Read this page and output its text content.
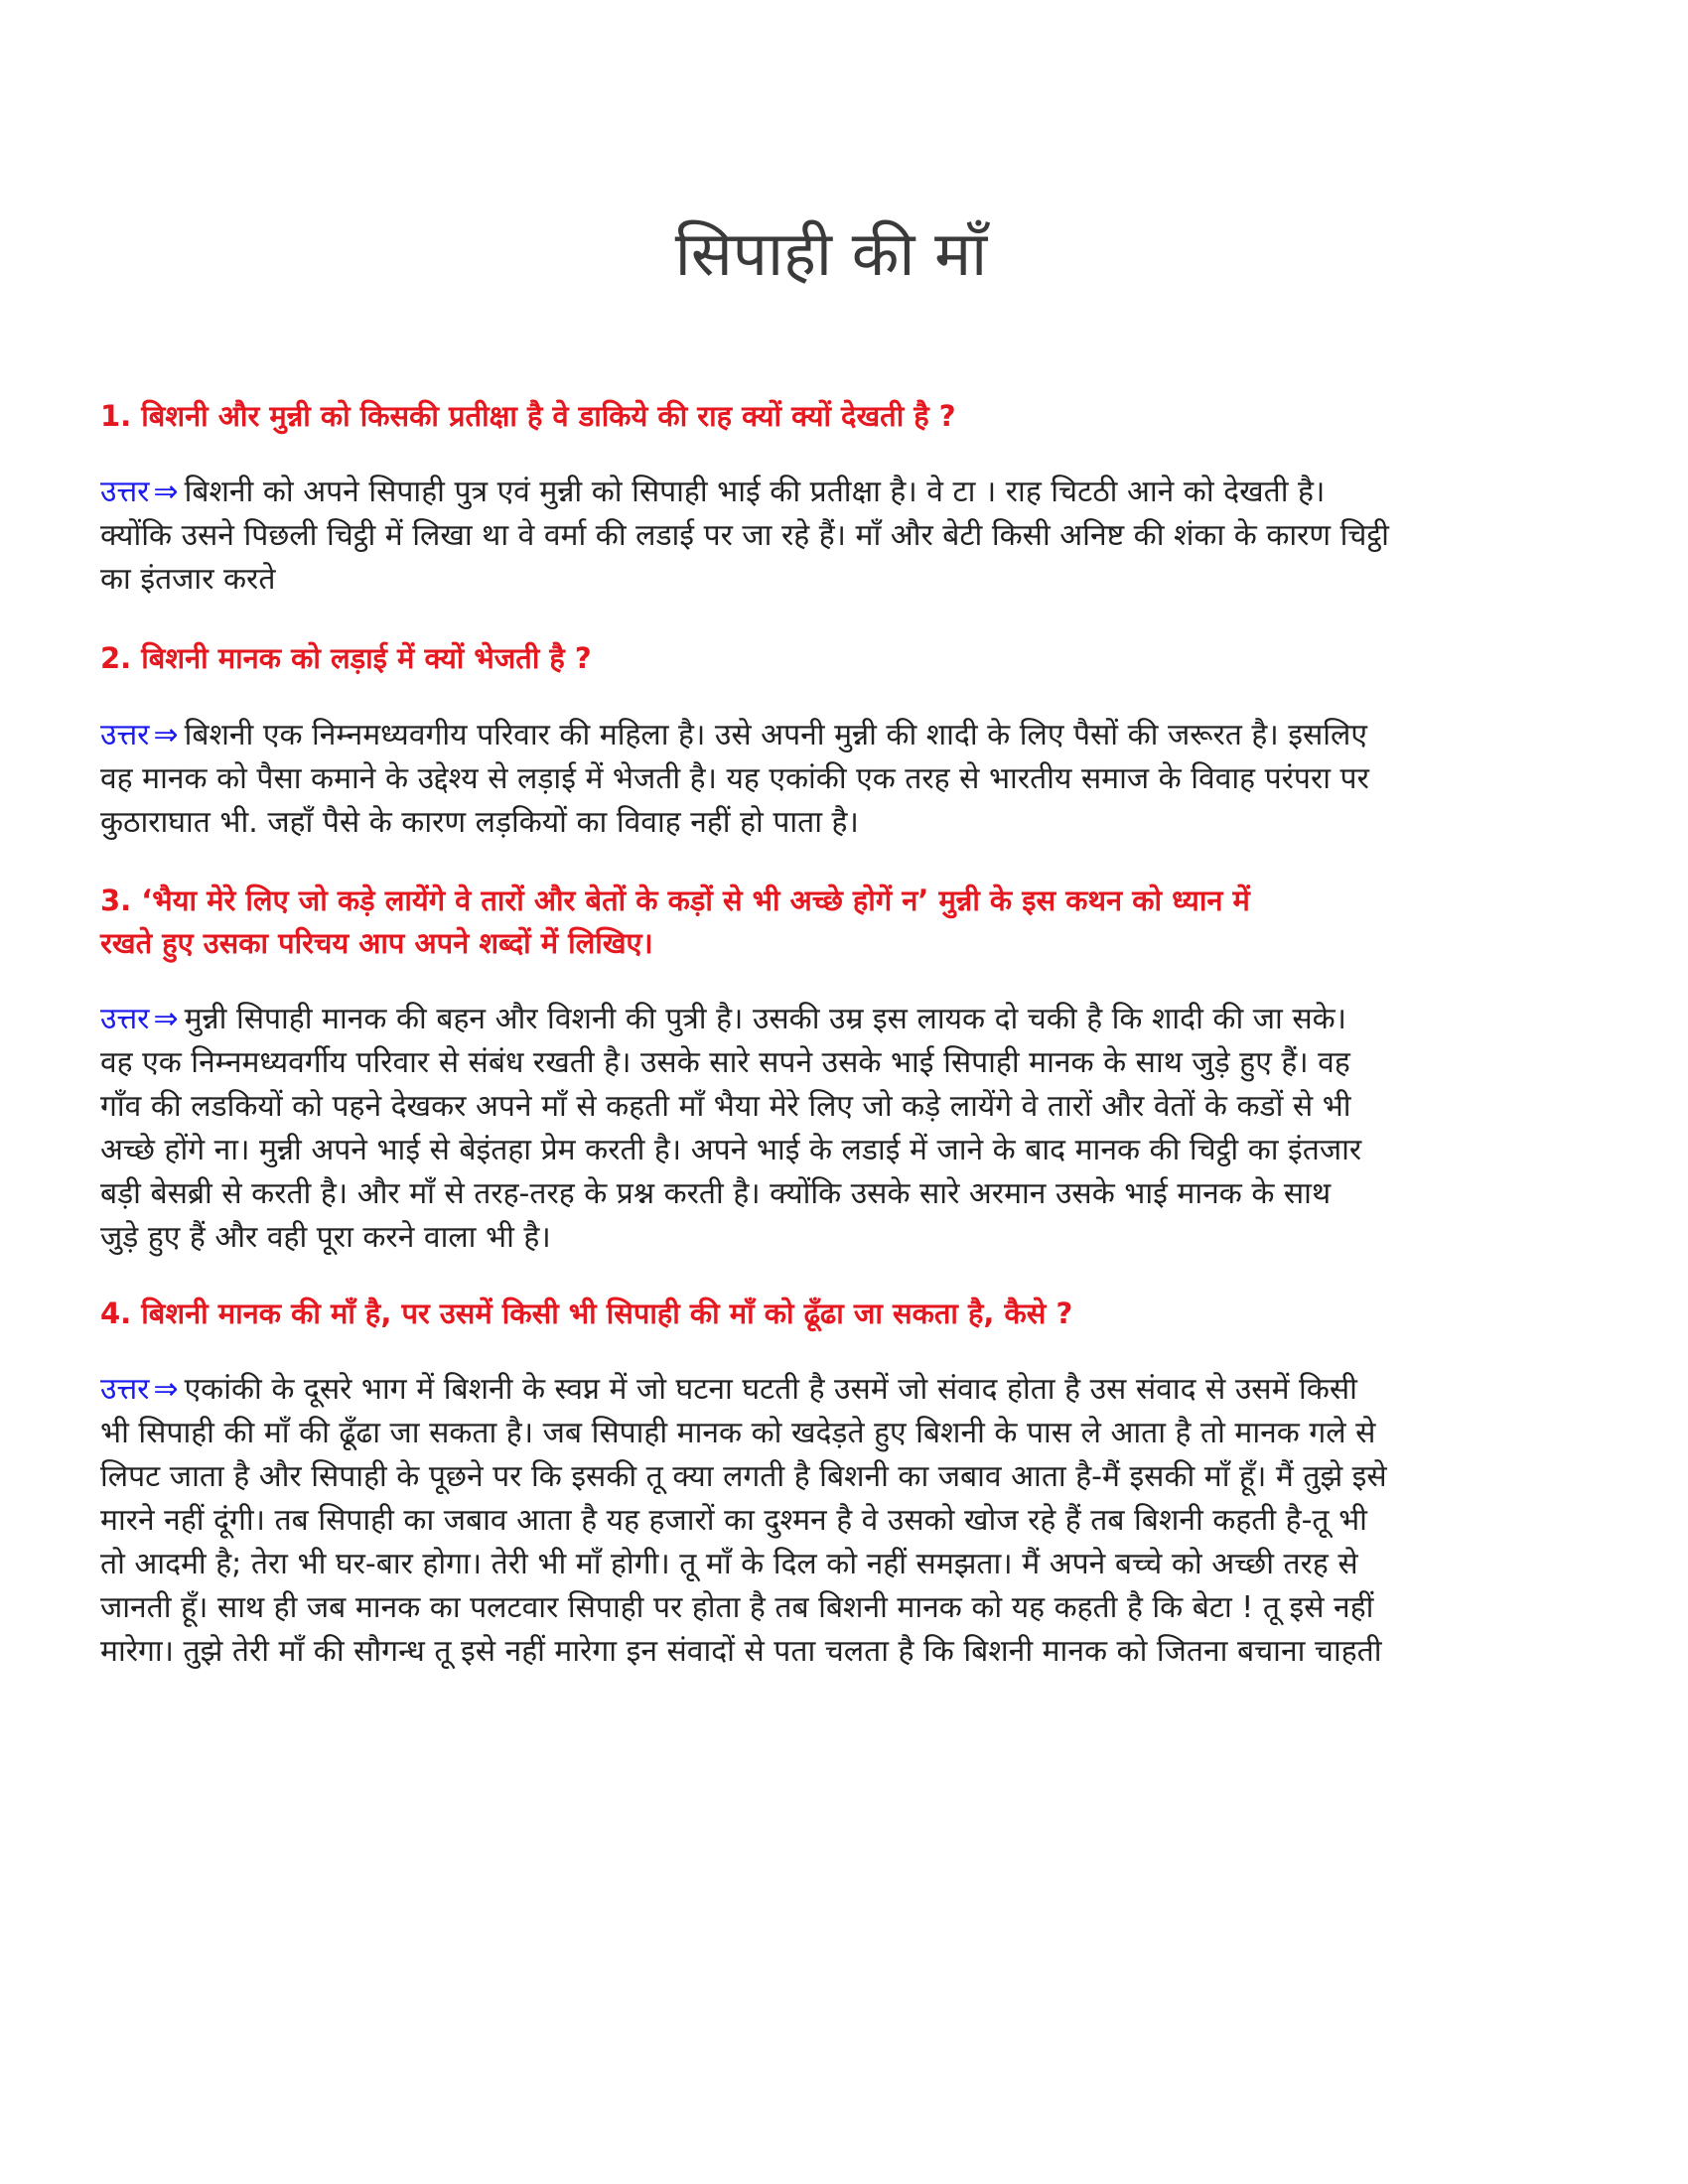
सिपाही की माँ
1. बिशनी और मुन्नी को किसकी प्रतीक्षा है वे डाकिये की राह क्यों क्यों देखती है ?
उत्तर ⇒ बिशनी को अपने सिपाही पुत्र एवं मुन्नी को सिपाही भाई की प्रतीक्षा है। वे टा । राह चिटठी आने को देखती है।
क्योंकि उसने पिछली चिट्ठी में लिखा था वे वर्मा की लडाई पर जा रहे हैं। माँ और बेटी किसी अनिष्ट की शंका के कारण चिट्ठी
का इंतजार करते
2. बिशनी मानक को लड़ाई में क्यों भेजती है ?
उत्तर ⇒ बिशनी एक निम्नमध्यवगीय परिवार की महिला है। उसे अपनी मुन्नी की शादी के लिए पैसों की जरूरत है। इसलिए
वह मानक को पैसा कमाने के उद्देश्य से लड़ाई में भेजती है। यह एकांकी एक तरह से भारतीय समाज के विवाह परंपरा पर
कुठाराघात भी. जहाँ पैसे के कारण लड़कियों का विवाह नहीं हो पाता है।
3. ‘भैया मेरे लिए जो कड़े लायेंगे वे तारों और बेतों के कड़ों से भी अच्छे होगें न’ मुन्नी के इस कथन को ध्यान में
रखते हुए उसका परिचय आप अपने शब्दों में लिखिए।
उत्तर ⇒ मुन्नी सिपाही मानक की बहन और विशनी की पुत्री है। उसकी उम्र इस लायक दो चकी है कि शादी की जा सके।
वह एक निम्नमध्यवर्गीय परिवार से संबंध रखती है। उसके सारे सपने उसके भाई सिपाही मानक के साथ जुड़े हुए हैं। वह
गाँव की लडकियों को पहने देखकर अपने माँ से कहती माँ भैया मेरे लिए जो कड़े लायेंगे वे तारों और वेतों के कडों से भी
अच्छे होंगे ना। मुन्नी अपने भाई से बेइंतहा प्रेम करती है। अपने भाई के लडाई में जाने के बाद मानक की चिट्ठी का इंतजार
बड़ी बेसब्री से करती है। और माँ से तरह-तरह के प्रश्न करती है। क्योंकि उसके सारे अरमान उसके भाई मानक के साथ
जुड़े हुए हैं और वही पूरा करने वाला भी है।
4. बिशनी मानक की माँ है, पर उसमें किसी भी सिपाही की माँ को ढूँढा जा सकता है, कैसे ?
उत्तर ⇒ एकांकी के दूसरे भाग में बिशनी के स्वप्न में जो घटना घटती है उसमें जो संवाद होता है उस संवाद से उसमें किसी
भी सिपाही की माँ की ढूँढा जा सकता है। जब सिपाही मानक को खदेड़ते हुए बिशनी के पास ले आता है तो मानक गले से
लिपट जाता है और सिपाही के पूछने पर कि इसकी तू क्या लगती है बिशनी का जबाव आता है-मैं इसकी माँ हूँ। मैं तुझे इसे
मारने नहीं दूंगी। तब सिपाही का जबाव आता है यह हजारों का दुश्मन है वे उसको खोज रहे हैं तब बिशनी कहती है-तू भी
तो आदमी है; तेरा भी घर-बार होगा। तेरी भी माँ होगी। तू माँ के दिल को नहीं समझता। मैं अपने बच्चे को अच्छी तरह से
जानती हूँ। साथ ही जब मानक का पलटवार सिपाही पर होता है तब बिशनी मानक को यह कहती है कि बेटा ! तू इसे नहीं
मारेगा। तुझे तेरी माँ की सौगन्ध तू इसे नहीं मारेगा इन संवादों से पता चलता है कि बिशनी मानक को जितना बचाना चाहती
